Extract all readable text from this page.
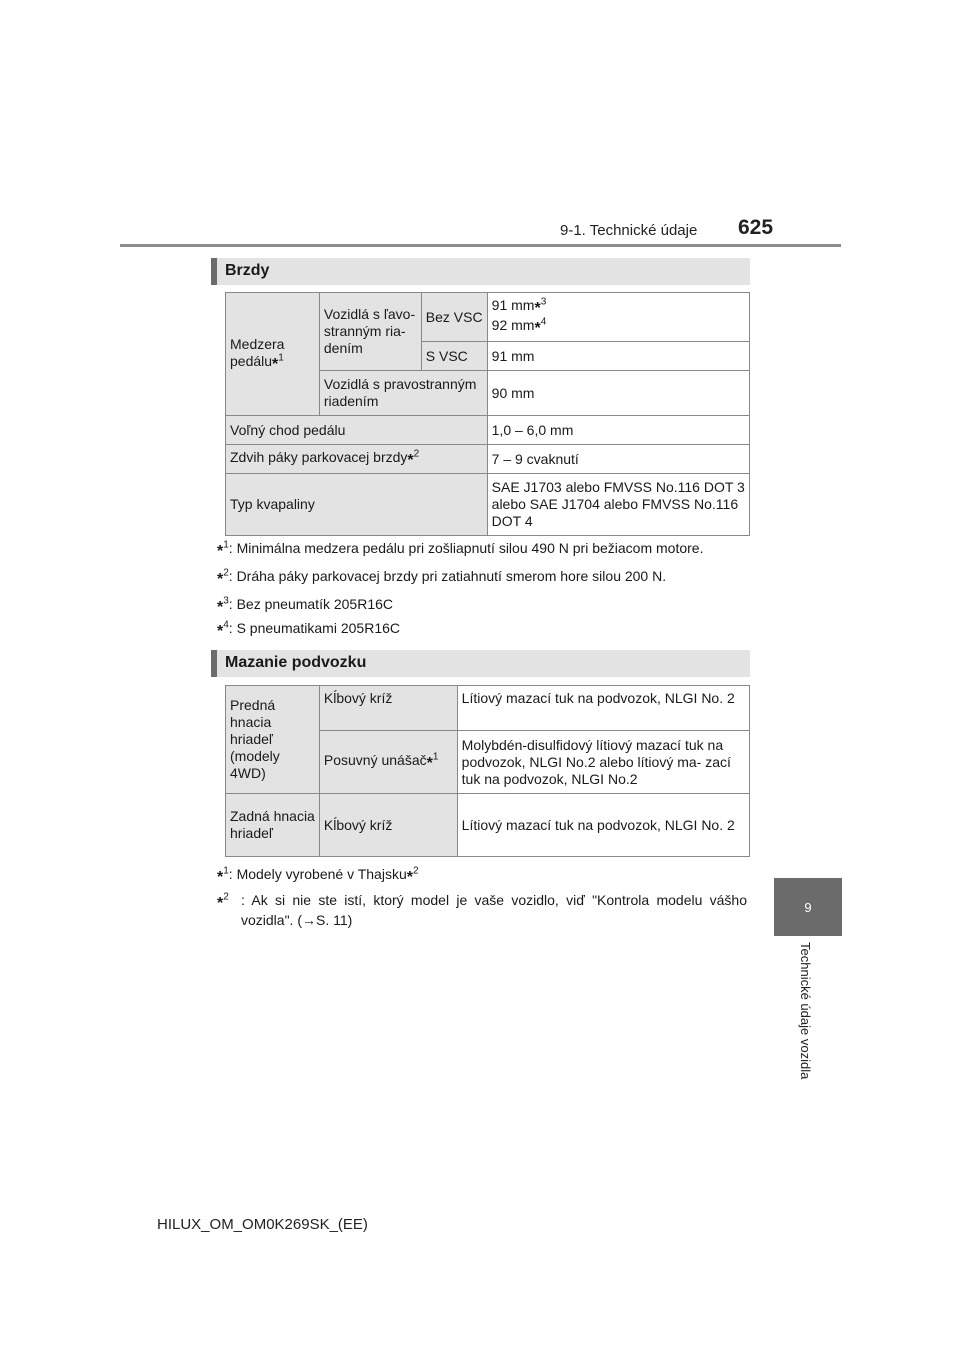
9-1. Technické údaje 625
9
Technické údaje vozidla
Brzdy
Medzera pedálu*$^1$	Vozidlá s ľavo- stranným ria- dením	Bez VSC	91 mm*$^3$
92 mm*$^4$

		S VSC	91 mm
	Vozidlá s pravostranným riadením		90 mm
Voľný chod pedálu			1,0 – 6,0 mm
Zdvih páky parkovacej brzdy*$^2$			7 – 9 cvaknutí
Typ kvapaliny			SAE J1703 alebo FMVSS No.116 DOT 3 alebo SAE J1704 alebo FMVSS No.116 DOT 4
*$^1$: Minimálna medzera pedálu pri zošliapnutí silou 490 N pri bežiacom motore.
*$^2$: Dráha páky parkovacej brzdy pri zatiahnutí smerom hore silou 200 N.
*$^3$: Bez pneumatík 205R16C
*$^4$: S pneumatikami 205R16C
Mazanie podvozku
Predná hnacia hriadeľ (modely 4WD)	Kĺbový kríž	Lítiový mazací tuk na podvozok, NLGI No. 2
	Posuvný unášač*$^1$	Molybdén-disulfidový lítiový mazací tuk na podvozok, NLGI No.2 alebo lítiový ma- zací tuk na podvozok, NLGI No.2
Zadná hnacia hriadeľ	Kĺbový kríž	Lítiový mazací tuk na podvozok, NLGI No. 2
*$^1$: Modely vyrobené v Thajsku*$^2$
*$^2$ : Ak si nie ste istí, ktorý model je vaše vozidlo, viď "Kontrola modelu vášho vozidla". (→S. 11)
HILUX_OM_OM0K269SK_(EE)
